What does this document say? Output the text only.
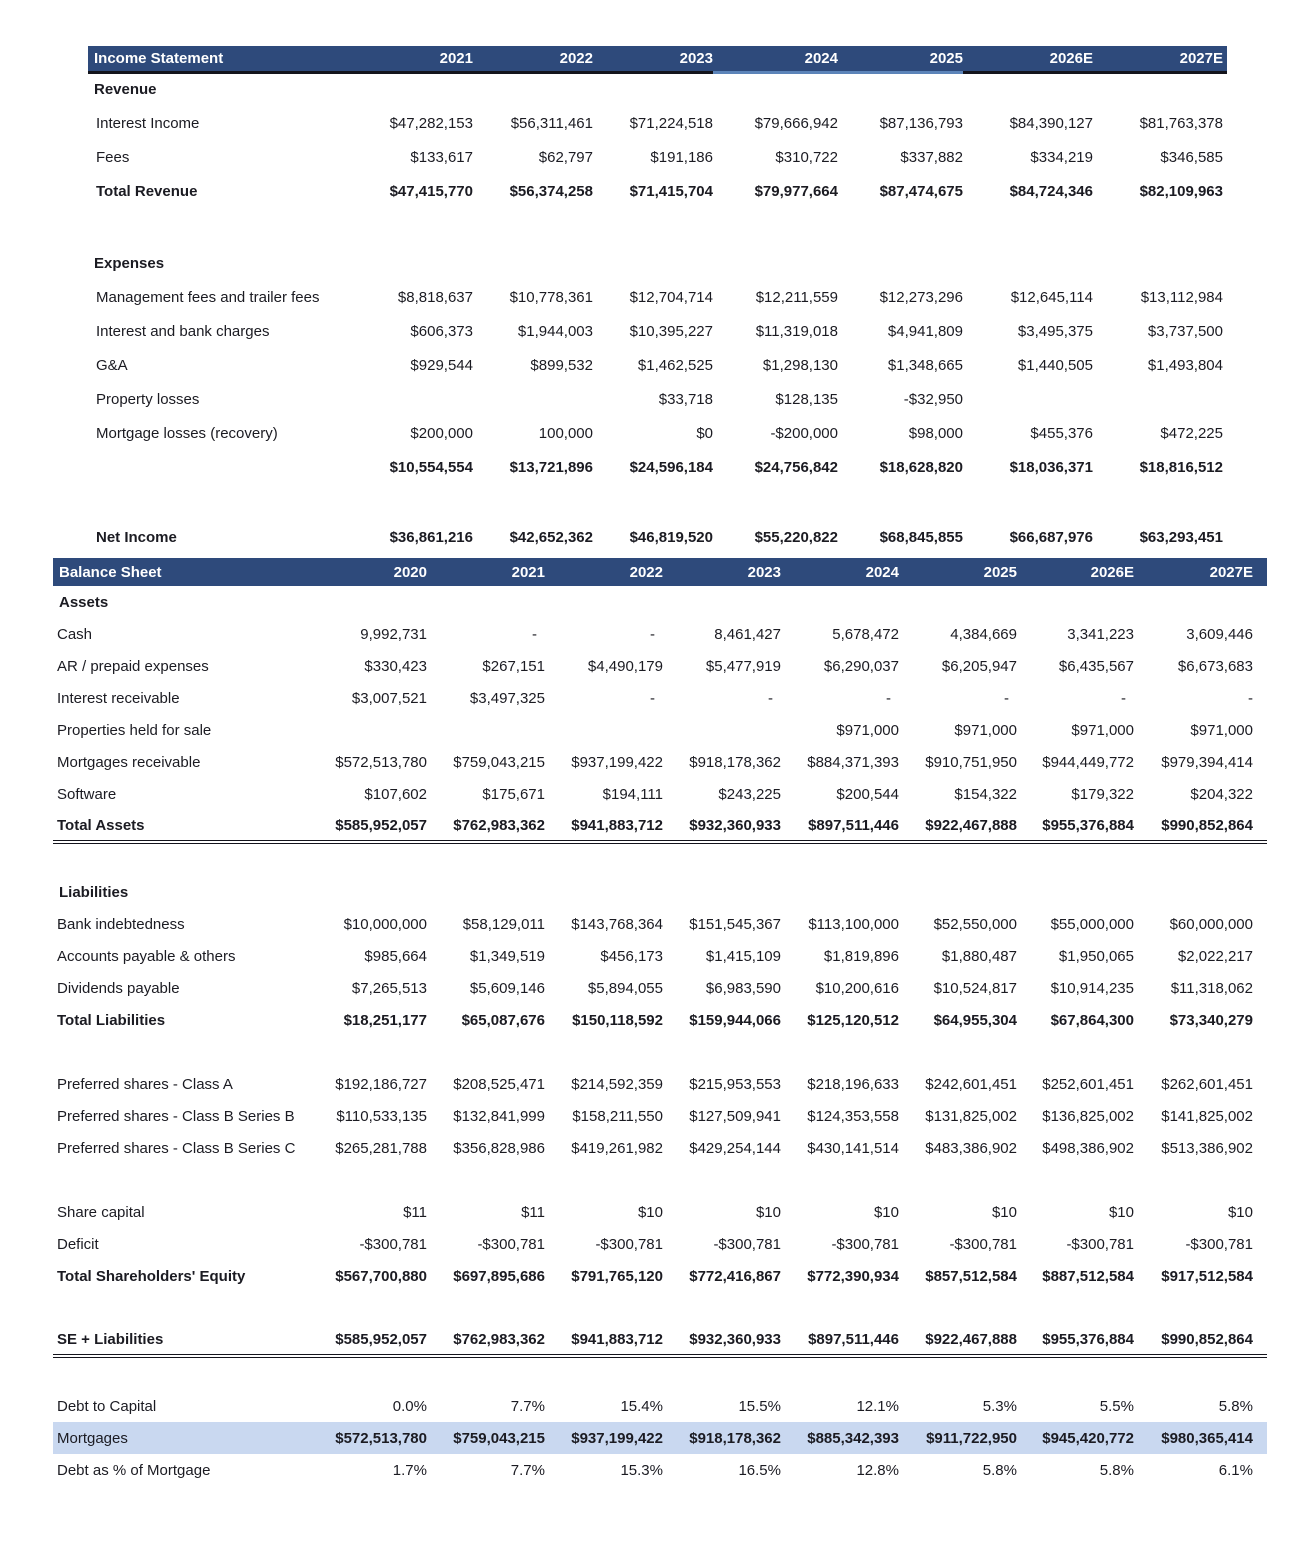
Income Statement	2021	2022	2023	2024	2025	2026E	2027E
Revenue							
Interest Income	$47,282,153	$56,311,461	$71,224,518	$79,666,942	$87,136,793	$84,390,127	$81,763,378
Fees	$133,617	$62,797	$191,186	$310,722	$337,882	$334,219	$346,585
Total Revenue	$47,415,770	$56,374,258	$71,415,704	$79,977,664	$87,474,675	$84,724,346	$82,109,963

Expenses							
Management fees and trailer fees	$8,818,637	$10,778,361	$12,704,714	$12,211,559	$12,273,296	$12,645,114	$13,112,984
Interest and bank charges	$606,373	$1,944,003	$10,395,227	$11,319,018	$4,941,809	$3,495,375	$3,737,500
G&A	$929,544	$899,532	$1,462,525	$1,298,130	$1,348,665	$1,440,505	$1,493,804
Property losses			$33,718	$128,135	-$32,950		
Mortgage losses (recovery)	$200,000	100,000	$0	-$200,000	$98,000	$455,376	$472,225
	$10,554,554	$13,721,896	$24,596,184	$24,756,842	$18,628,820	$18,036,371	$18,816,512

Net Income	$36,861,216	$42,652,362	$46,819,520	$55,220,822	$68,845,855	$66,687,976	$63,293,451
Balance Sheet	2020	2021	2022	2023	2024	2025	2026E	2027E
Assets								
Cash	9,992,731	-	-	8,461,427	5,678,472	4,384,669	3,341,223	3,609,446
AR / prepaid expenses	$330,423	$267,151	$4,490,179	$5,477,919	$6,290,037	$6,205,947	$6,435,567	$6,673,683
Interest receivable	$3,007,521	$3,497,325	-	-	-	-	-	-
Properties held for sale					$971,000	$971,000	$971,000	$971,000
Mortgages receivable	$572,513,780	$759,043,215	$937,199,422	$918,178,362	$884,371,393	$910,751,950	$944,449,772	$979,394,414
Software	$107,602	$175,671	$194,111	$243,225	$200,544	$154,322	$179,322	$204,322
Total Assets	$585,952,057	$762,983,362	$941,883,712	$932,360,933	$897,511,446	$922,467,888	$955,376,884	$990,852,864

Liabilities								
Bank indebtedness	$10,000,000	$58,129,011	$143,768,364	$151,545,367	$113,100,000	$52,550,000	$55,000,000	$60,000,000
Accounts payable & others	$985,664	$1,349,519	$456,173	$1,415,109	$1,819,896	$1,880,487	$1,950,065	$2,022,217
Dividends payable	$7,265,513	$5,609,146	$5,894,055	$6,983,590	$10,200,616	$10,524,817	$10,914,235	$11,318,062
Total Liabilities	$18,251,177	$65,087,676	$150,118,592	$159,944,066	$125,120,512	$64,955,304	$67,864,300	$73,340,279

Preferred shares - Class A	$192,186,727	$208,525,471	$214,592,359	$215,953,553	$218,196,633	$242,601,451	$252,601,451	$262,601,451
Preferred shares - Class B Series B	$110,533,135	$132,841,999	$158,211,550	$127,509,941	$124,353,558	$131,825,002	$136,825,002	$141,825,002
Preferred shares - Class B Series C	$265,281,788	$356,828,986	$419,261,982	$429,254,144	$430,141,514	$483,386,902	$498,386,902	$513,386,902

Share capital	$11	$11	$10	$10	$10	$10	$10	$10
Deficit	-$300,781	-$300,781	-$300,781	-$300,781	-$300,781	-$300,781	-$300,781	-$300,781
Total Shareholders' Equity	$567,700,880	$697,895,686	$791,765,120	$772,416,867	$772,390,934	$857,512,584	$887,512,584	$917,512,584

SE + Liabilities	$585,952,057	$762,983,362	$941,883,712	$932,360,933	$897,511,446	$922,467,888	$955,376,884	$990,852,864

Debt to Capital	0.0%	7.7%	15.4%	15.5%	12.1%	5.3%	5.5%	5.8%
Mortgages	$572,513,780	$759,043,215	$937,199,422	$918,178,362	$885,342,393	$911,722,950	$945,420,772	$980,365,414
Debt as % of Mortgage	1.7%	7.7%	15.3%	16.5%	12.8%	5.8%	5.8%	6.1%
